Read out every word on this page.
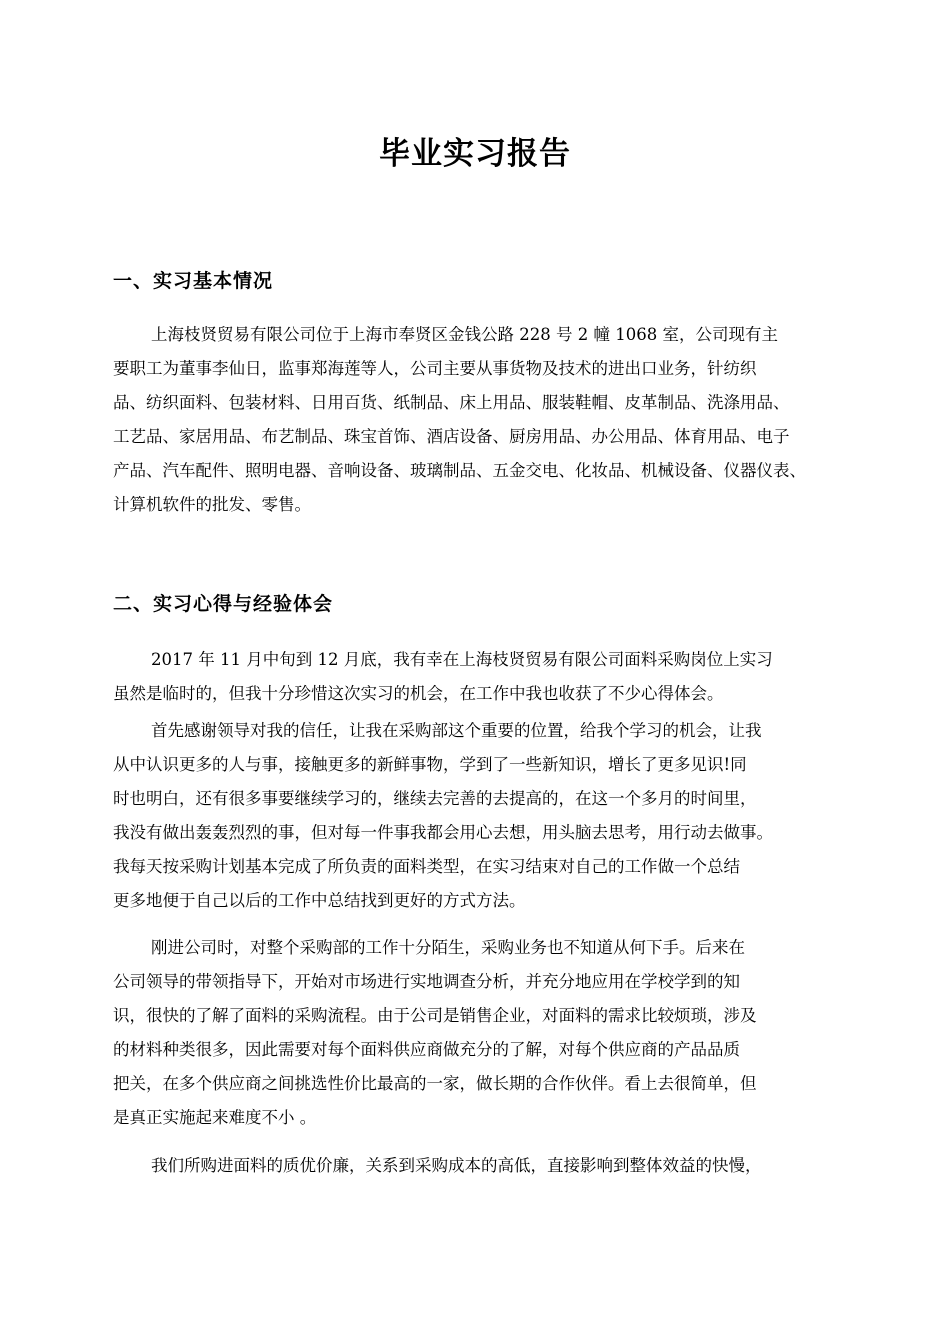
毕业实习报告
一、实习基本情况
上海枝贤贸易有限公司位于上海市奉贤区金钱公路 228 号 2 幢 1068 室，公司现有主
要职工为董事李仙日，监事郑海莲等人，公司主要从事货物及技术的进出口业务，针纺织
品、纺织面料、包装材料、日用百货、纸制品、床上用品、服装鞋帽、皮革制品、洗涤用品、
工艺品、家居用品、布艺制品、珠宝首饰、酒店设备、厨房用品、办公用品、体育用品、电子
产品、汽车配件、照明电器、音响设备、玻璃制品、五金交电、化妆品、机械设备、仪器仪表、
计算机软件的批发、零售。
二、实习心得与经验体会
2017 年 11 月中旬到 12 月底，我有幸在上海枝贤贸易有限公司面料采购岗位上实习
虽然是临时的，但我十分珍惜这次实习的机会，在工作中我也收获了不少心得体会。
首先感谢领导对我的信任，让我在采购部这个重要的位置，给我个学习的机会，让我
从中认识更多的人与事，接触更多的新鲜事物，学到了一些新知识，增长了更多见识!同
时也明白，还有很多事要继续学习的，继续去完善的去提高的，在这一个多月的时间里，
我没有做出轰轰烈烈的事，但对每一件事我都会用心去想，用头脑去思考，用行动去做事。
我每天按采购计划基本完成了所负责的面料类型，在实习结束对自己的工作做一个总结
更多地便于自己以后的工作中总结找到更好的方式方法。
刚进公司时，对整个采购部的工作十分陌生，采购业务也不知道从何下手。后来在
公司领导的带领指导下，开始对市场进行实地调查分析，并充分地应用在学校学到的知
识，很快的了解了面料的采购流程。由于公司是销售企业，对面料的需求比较烦琐，涉及
的材料种类很多，因此需要对每个面料供应商做充分的了解，对每个供应商的产品品质
把关，在多个供应商之间挑选性价比最高的一家，做长期的合作伙伴。看上去很简单，但
是真正实施起来难度不小 。
我们所购进面料的质优价廉，关系到采购成本的高低，直接影响到整体效益的快慢，
